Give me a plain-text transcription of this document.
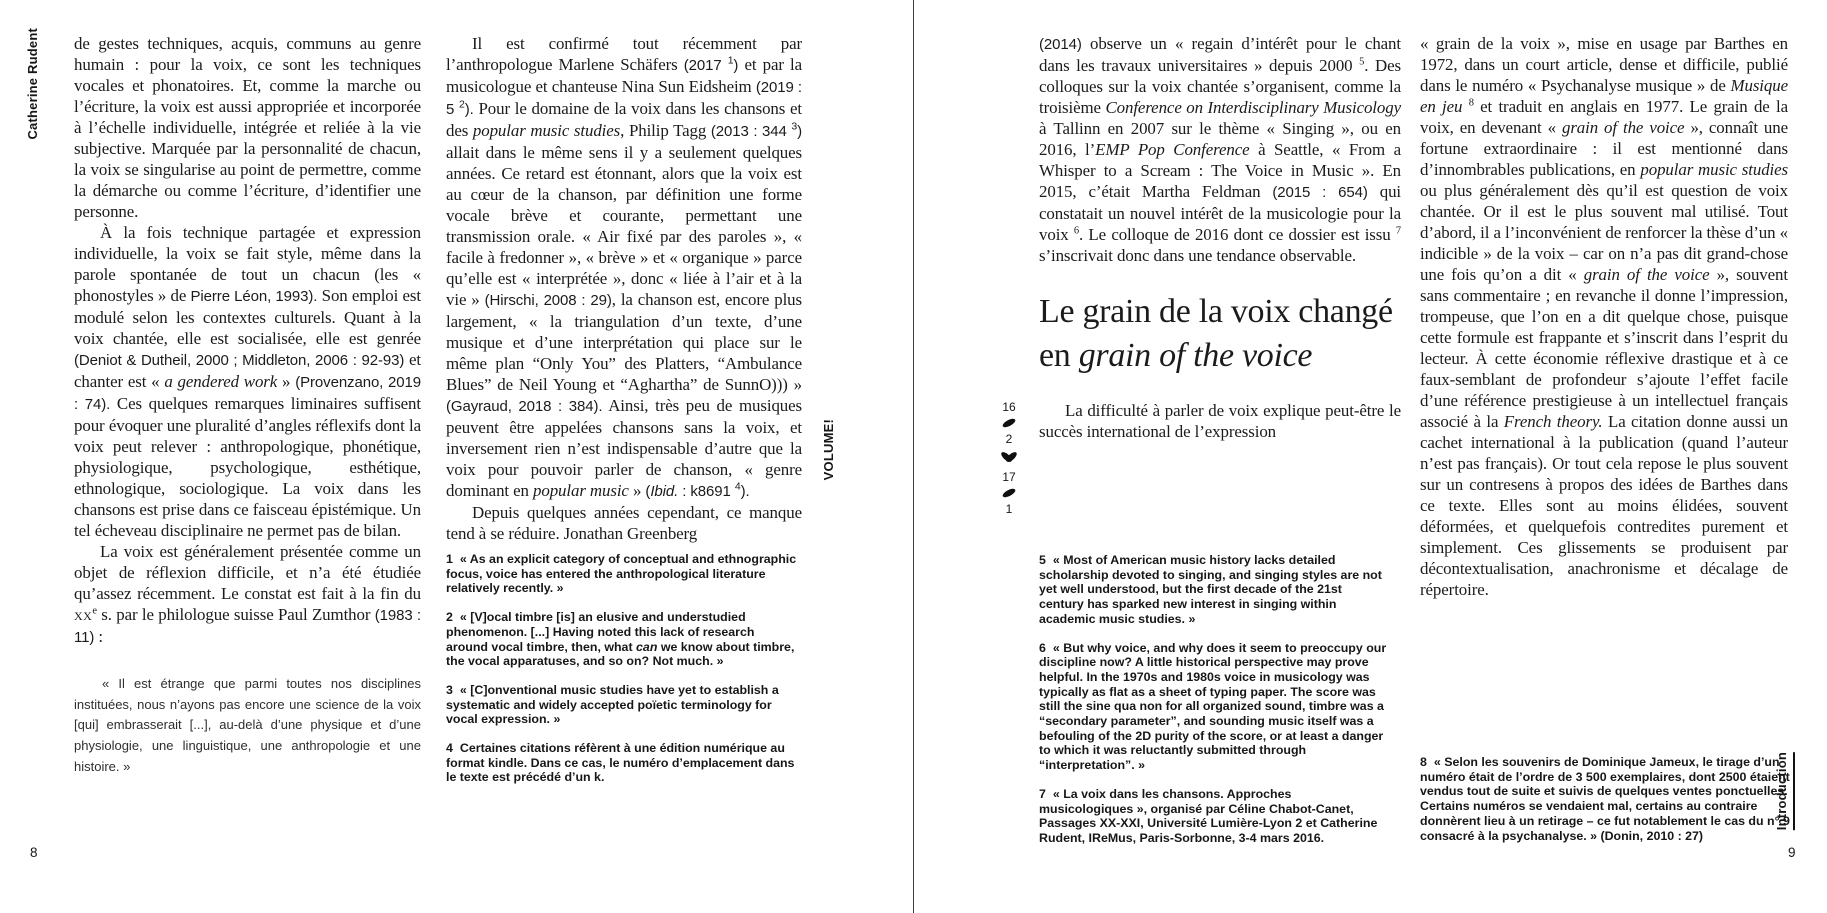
Catherine Rudent
VOLUME!
Introduction
16
2
17
1
8	9

de gestes techniques, acquis, communs au genre humain : pour la voix, ce sont les techniques vocales et phonatoires. Et, comme la marche ou l’écriture, la voix est aussi appropriée et incorporée à l’échelle individuelle, intégrée et reliée à la vie subjective. Marquée par la personnalité de chacun, la voix se singularise au point de permettre, comme la démarche ou comme l’écriture, d’identifier une personne.

À la fois technique partagée et expression individuelle, la voix se fait style, même dans la parole spontanée de tout un chacun (les « phonostyles » de Pierre Léon, 1993). Son emploi est modulé selon les contextes culturels. Quant à la voix chantée, elle est socialisée, elle est genrée (Deniot & Dutheil, 2000 ; Middleton, 2006 : 92-93) et chanter est « a gendered work » (Provenzano, 2019 : 74). Ces quelques remarques liminaires suffisent pour évoquer une pluralité d’angles réflexifs dont la voix peut relever : anthropologique, phonétique, physiologique, psychologique, esthétique, ethnologique, sociologique. La voix dans les chansons est prise dans ce faisceau épistémique. Un tel écheveau disciplinaire ne permet pas de bilan.

La voix est généralement présentée comme un objet de réflexion difficile, et n’a été étudiée qu’assez récemment. Le constat est fait à la fin du $xx^e$ s. par le philologue suisse Paul Zumthor (1983 : 11) :

« Il est étrange que parmi toutes nos disciplines instituées, nous n’ayons pas encore une science de la voix [qui] embrasserait [...], au-delà d’une physique et d’une physiologie, une linguistique, une anthropologie et une histoire. »

Il est confirmé tout récemment par l’anthropologue Marlene Schäfers (2017 $^1$) et par la musicologue et chanteuse Nina Sun Eidsheim (2019 : 5 $^2$). Pour le domaine de la voix dans les chansons et des popular music studies, Philip Tagg (2013 : 344 $^3$) allait dans le même sens il y a seulement quelques années. Ce retard est étonnant, alors que la voix est au cœur de la chanson, par définition une forme vocale brève et courante, permettant une transmission orale. « Air fixé par des paroles », « facile à fredonner », « brève » et « organique » parce qu’elle est « interprétée », donc « liée à l’air et à la vie » (Hirschi, 2008 : 29), la chanson est, encore plus largement, « la triangulation d’un texte, d’une musique et d’une interprétation qui place sur le même plan “Only You” des Platters, “Ambulance Blues” de Neil Young et “Aghartha” de SunnO))) » (Gayraud, 2018 : 384). Ainsi, très peu de musiques peuvent être appelées chansons sans la voix, et inversement rien n’est indispensable d’autre que la voix pour pouvoir parler de chanson, « genre dominant en popular music » (Ibid. : k8691 $^4$).

Depuis quelques années cependant, ce manque tend à se réduire. Jonathan Greenberg

1 « As an explicit category of conceptual and ethnographic focus, voice has entered the anthropological literature relatively recently. »
2 « [V]ocal timbre [is] an elusive and understudied phenomenon. [...] Having noted this lack of research around vocal timbre, then, what can we know about timbre, the vocal apparatuses, and so on? Not much. »
3 « [C]onventional music studies have yet to establish a systematic and widely accepted poïetic terminology for vocal expression. »
4 Certaines citations réfèrent à une édition numérique au format kindle. Dans ce cas, le numéro d’emplacement dans le texte est précédé d’un k.

(2014) observe un « regain d’intérêt pour le chant dans les travaux universitaires » depuis 2000 $^5$. Des colloques sur la voix chantée s’organisent, comme la troisième Conference on Interdisciplinary Musicology à Tallinn en 2007 sur le thème « Singing », ou en 2016, l’EMP Pop Conference à Seattle, « From a Whisper to a Scream : The Voice in Music ». En 2015, c’était Martha Feldman (2015 : 654) qui constatait un nouvel intérêt de la musicologie pour la voix $^6$. Le colloque de 2016 dont ce dossier est issu $^7$ s’inscrivait donc dans une tendance observable.

Le grain de la voix changé en grain of the voice

La difficulté à parler de voix explique peut-être le succès international de l’expression

5 « Most of American music history lacks detailed scholarship devoted to singing, and singing styles are not yet well understood, but the first decade of the 21st century has sparked new interest in singing within academic music studies. »
6 « But why voice, and why does it seem to preoccupy our discipline now? A little historical perspective may prove helpful. In the 1970s and 1980s voice in musicology was typically as flat as a sheet of typing paper. The score was still the sine qua non for all organized sound, timbre was a “secondary parameter”, and sounding music itself was a befouling of the 2D purity of the score, or at least a danger to which it was reluctantly submitted through “interpretation”. »
7 « La voix dans les chansons. Approches musicologiques », organisé par Céline Chabot-Canet, Passages XX-XXI, Université Lumière-Lyon 2 et Catherine Rudent, IReMus, Paris-Sorbonne, 3-4 mars 2016.

« grain de la voix », mise en usage par Barthes en 1972, dans un court article, dense et difficile, publié dans le numéro « Psychanalyse musique » de Musique en jeu $^8$ et traduit en anglais en 1977. Le grain de la voix, en devenant « grain of the voice », connaît une fortune extraordinaire : il est mentionné dans d’innombrables publications, en popular music studies ou plus généralement dès qu’il est question de voix chantée. Or il est le plus souvent mal utilisé. Tout d’abord, il a l’inconvénient de renforcer la thèse d’un « indicible » de la voix – car on n’a pas dit grand-chose une fois qu’on a dit « grain of the voice », souvent sans commentaire ; en revanche il donne l’impression, trompeuse, que l’on en a dit quelque chose, puisque cette formule est frappante et s’inscrit dans l’esprit du lecteur. À cette économie réflexive drastique et à ce faux-semblant de profondeur s’ajoute l’effet facile d’une référence prestigieuse à un intellectuel français associé à la French theory. La citation donne aussi un cachet international à la publication (quand l’auteur n’est pas français). Or tout cela repose le plus souvent sur un contresens à propos des idées de Barthes dans ce texte. Elles sont au moins élidées, souvent déformées, et quelquefois contredites purement et simplement. Ces glissements se produisent par décontextualisation, anachronisme et décalage de répertoire.

8 « Selon les souvenirs de Dominique Jameux, le tirage d’un numéro était de l’ordre de 3 500 exemplaires, dont 2500 étaient vendus tout de suite et suivis de quelques ventes ponctuelles. Certains numéros se vendaient mal, certains au contraire donnèrent lieu à un retirage – ce fut notablement le cas du n° 9 consacré à la psychanalyse. » (Donin, 2010 : 27)
